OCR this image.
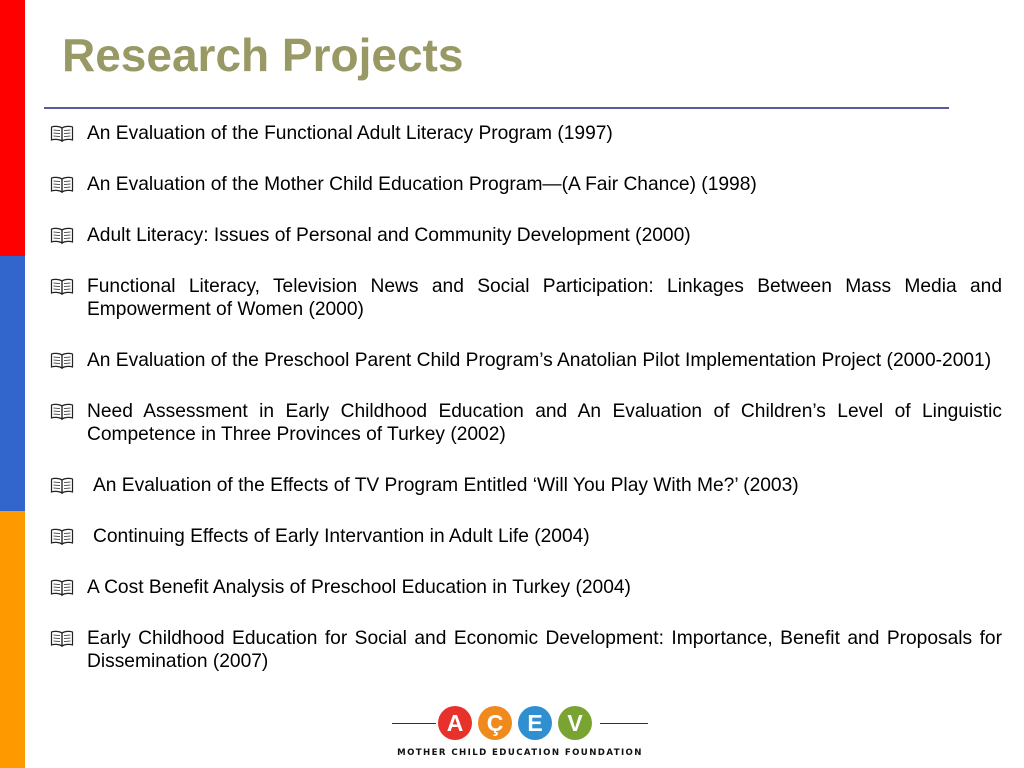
Research Projects
An Evaluation of the Functional Adult Literacy Program (1997)
An Evaluation of the Mother Child Education Program—(A Fair Chance) (1998)
Adult Literacy: Issues of Personal and Community Development (2000)
Functional Literacy, Television News and Social Participation: Linkages Between Mass Media and Empowerment of Women (2000)
An Evaluation of the Preschool Parent Child Program’s Anatolian Pilot Implementation Project (2000-2001)
Need Assessment in Early Childhood Education and An Evaluation of Children’s Level of Linguistic Competence in Three Provinces of Turkey (2002)
An Evaluation of the Effects of TV Program Entitled ‘Will You Play With Me?’ (2003)
Continuing Effects of Early Intervantion in Adult Life (2004)
A Cost Benefit Analysis of Preschool Education in Turkey (2004)
Early Childhood Education for Social and Economic Development: Importance, Benefit and Proposals for Dissemination (2007)
MOTHER CHILD EDUCATION FOUNDATION
A	Ç	E	V
